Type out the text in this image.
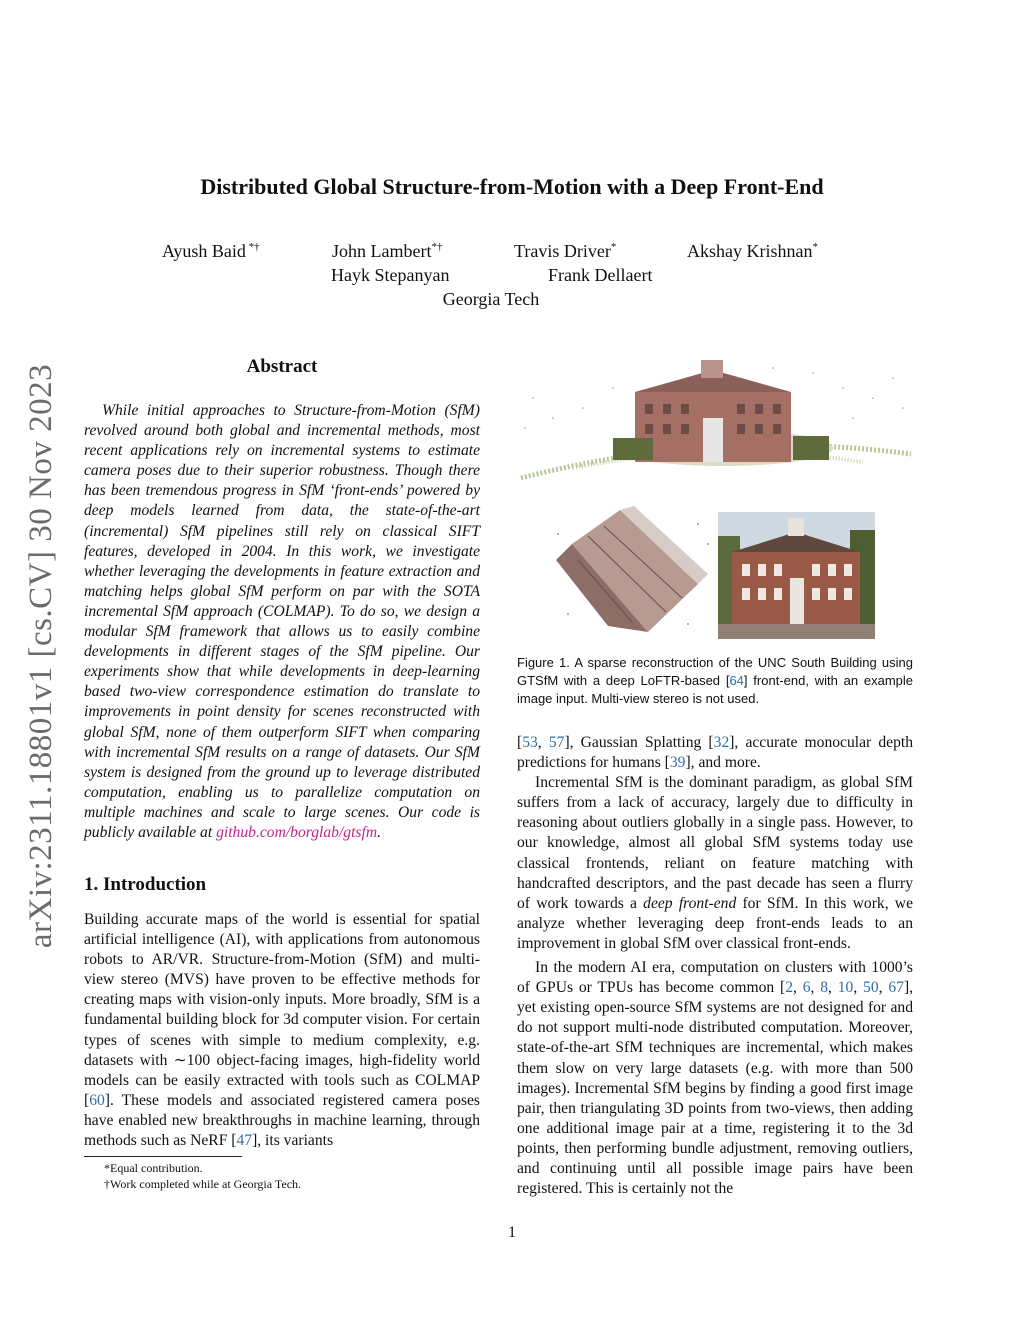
Distributed Global Structure-from-Motion with a Deep Front-End
Ayush Baid *†	John Lambert*†	Travis Driver*	Akshay Krishnan*
Hayk Stepanyan	Frank Dellaert
Georgia Tech
arXiv:2311.18801v1 [cs.CV] 30 Nov 2023	Abstract

While initial approaches to Structure-from-Motion (SfM) revolved around both global and incremental methods, most recent applications rely on incremental systems to estimate camera poses due to their superior robustness. Though there has been tremendous progress in SfM ‘front-ends’ powered by deep models learned from data, the state-of-the-art (incremental) SfM pipelines still rely on classical SIFT features, developed in 2004. In this work, we investigate whether leveraging the developments in feature extraction and matching helps global SfM perform on par with the SOTA incremental SfM approach (COLMAP). To do so, we design a modular SfM framework that allows us to easily combine developments in different stages of the SfM pipeline. Our experiments show that while developments in deep-learning based two-view correspondence estimation do translate to improvements in point density for scenes reconstructed with global SfM, none of them outperform SIFT when comparing with incremental SfM results on a range of datasets. Our SfM system is designed from the ground up to leverage distributed computation, enabling us to parallelize computation on multiple machines and scale to large scenes. Our code is publicly available at github.com/borglab/gtsfm.

1. Introduction

Building accurate maps of the world is essential for spatial artificial intelligence (AI), with applications from autonomous robots to AR/VR. Structure-from-Motion (SfM) and multi-view stereo (MVS) have proven to be effective methods for creating maps with vision-only inputs. More broadly, SfM is a fundamental building block for 3d computer vision. For certain types of scenes with simple to medium complexity, e.g. datasets with ∼100 object-facing images, high-fidelity world models can be easily extracted with tools such as COLMAP [60]. These models and associated registered camera poses have enabled new breakthroughs in machine learning, through methods such as NeRF [47], its variants

*Equal contribution.
†Work completed while at Georgia Tech.
Figure 1. A sparse reconstruction of the UNC South Building using GTSfM with a deep LoFTR-based [64] front-end, with an example image input. Multi-view stereo is not used.

[53, 57], Gaussian Splatting [32], accurate monocular depth predictions for humans [39], and more.

Incremental SfM is the dominant paradigm, as global SfM suffers from a lack of accuracy, largely due to difficulty in reasoning about outliers globally in a single pass. However, to our knowledge, almost all global SfM systems today use classical frontends, reliant on feature matching with handcrafted descriptors, and the past decade has seen a flurry of work towards a deep front-end for SfM. In this work, we analyze whether leveraging deep front-ends leads to an improvement in global SfM over classical front-ends.

In the modern AI era, computation on clusters with 1000’s of GPUs or TPUs has become common [2, 6, 8, 10, 50, 67], yet existing open-source SfM systems are not designed for and do not support multi-node distributed computation. Moreover, state-of-the-art SfM techniques are incremental, which makes them slow on very large datasets (e.g. with more than 500 images). Incremental SfM begins by finding a good first image pair, then triangulating 3D points from two-views, then adding one additional image pair at a time, registering it to the 3d points, then performing bundle adjustment, removing outliers, and continuing until all possible image pairs have been registered. This is certainly not the

1
